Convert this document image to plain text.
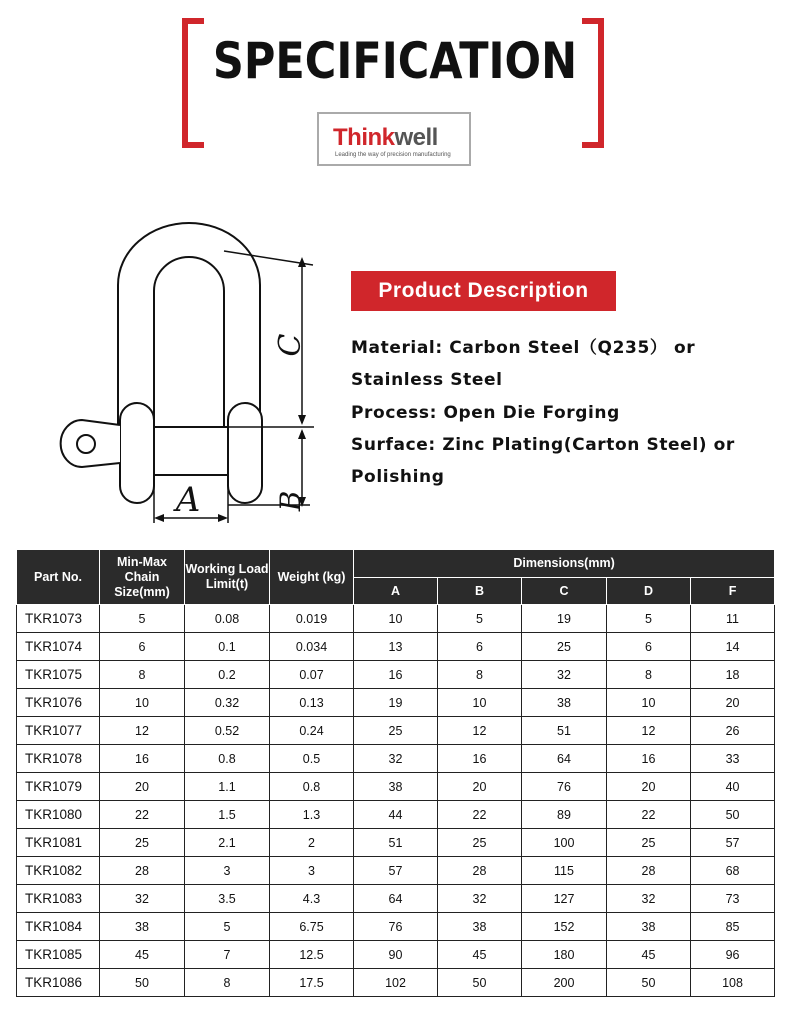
SPECIFICATION
Thinkwell
Leading the way of precision manufacturing
A
C
B
Product Description
Material: Carbon Steel（Q235） or
Stainless Steel
Process: Open Die Forging
Surface: Zinc Plating(Carton Steel) or
Polishing
Part No.	Min-Max Chain Size(mm)	Working Load Limit(t)	Weight (kg)	Dimensions(mm)				
				A	B	C	D	F
TKR1073	5	0.08	0.019	10	5	19	5	11
TKR1074	6	0.1	0.034	13	6	25	6	14
TKR1075	8	0.2	0.07	16	8	32	8	18
TKR1076	10	0.32	0.13	19	10	38	10	20
TKR1077	12	0.52	0.24	25	12	51	12	26
TKR1078	16	0.8	0.5	32	16	64	16	33
TKR1079	20	1.1	0.8	38	20	76	20	40
TKR1080	22	1.5	1.3	44	22	89	22	50
TKR1081	25	2.1	2	51	25	100	25	57
TKR1082	28	3	3	57	28	115	28	68
TKR1083	32	3.5	4.3	64	32	127	32	73
TKR1084	38	5	6.75	76	38	152	38	85
TKR1085	45	7	12.5	90	45	180	45	96
TKR1086	50	8	17.5	102	50	200	50	108
